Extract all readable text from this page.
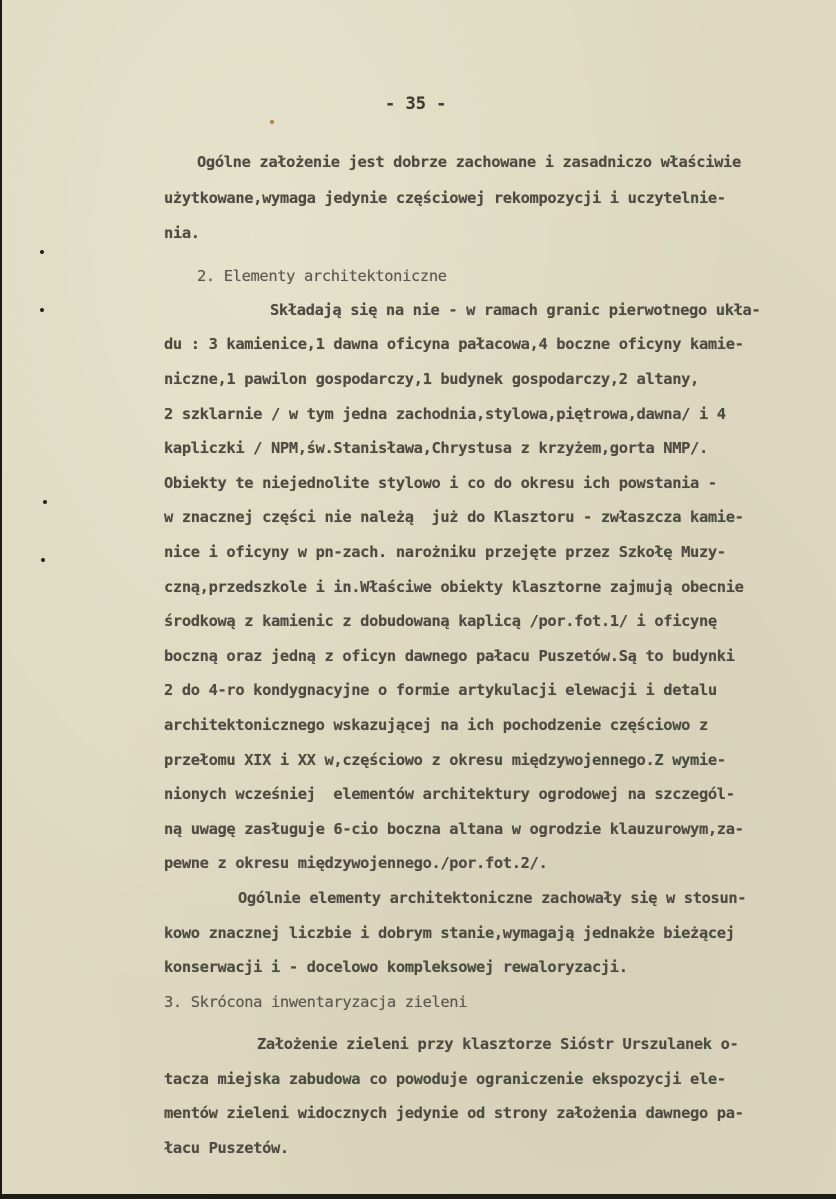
- 35 -
Ogólne założenie jest dobrze zachowane i zasadniczo właściwie
użytkowane,wymaga jedynie częściowej rekompozycji i uczytelnie-
nia.
2. Elementy architektoniczne
Składają się na nie - w ramach granic pierwotnego ukła-
du : 3 kamienice,1 dawna oficyna pałacowa,4 boczne oficyny kamie-
niczne,1 pawilon gospodarczy,1 budynek gospodarczy,2 altany,
2 szklarnie / w tym jedna zachodnia,stylowa,piętrowa,dawna/ i 4
kapliczki / NPM,św.Stanisława,Chrystusa z krzyżem,gorta NMP/.
Obiekty te niejednolite stylowo i co do okresu ich powstania -
w znacznej części nie należą  już do Klasztoru - zwłaszcza kamie-
nice i oficyny w pn-zach. narożniku przejęte przez Szkołę Muzy-
czną,przedszkole i in.Właściwe obiekty klasztorne zajmują obecnie
środkową z kamienic z dobudowaną kaplicą /por.fot.1/ i oficynę
boczną oraz jedną z oficyn dawnego pałacu Puszetów.Są to budynki
2 do 4-ro kondygnacyjne o formie artykulacji elewacji i detalu
architektonicznego wskazującej na ich pochodzenie częściowo z
przełomu XIX i XX w,częściowo z okresu międzywojennego.Z wymie-
nionych wcześniej  elementów architektury ogrodowej na szczegól-
ną uwagę zasługuje 6-cio boczna altana w ogrodzie klauzurowym,za-
pewne z okresu międzywojennego./por.fot.2/.
Ogólnie elementy architektoniczne zachowały się w stosun-
kowo znacznej liczbie i dobrym stanie,wymagają jednakże bieżącej
konserwacji i - docelowo kompleksowej rewaloryzacji.
3. Skrócona inwentaryzacja zieleni
Założenie zieleni przy klasztorze Sióstr Urszulanek o-
tacza miejska zabudowa co powoduje ograniczenie ekspozycji ele-
mentów zieleni widocznych jedynie od strony założenia dawnego pa-
łacu Puszetów.
